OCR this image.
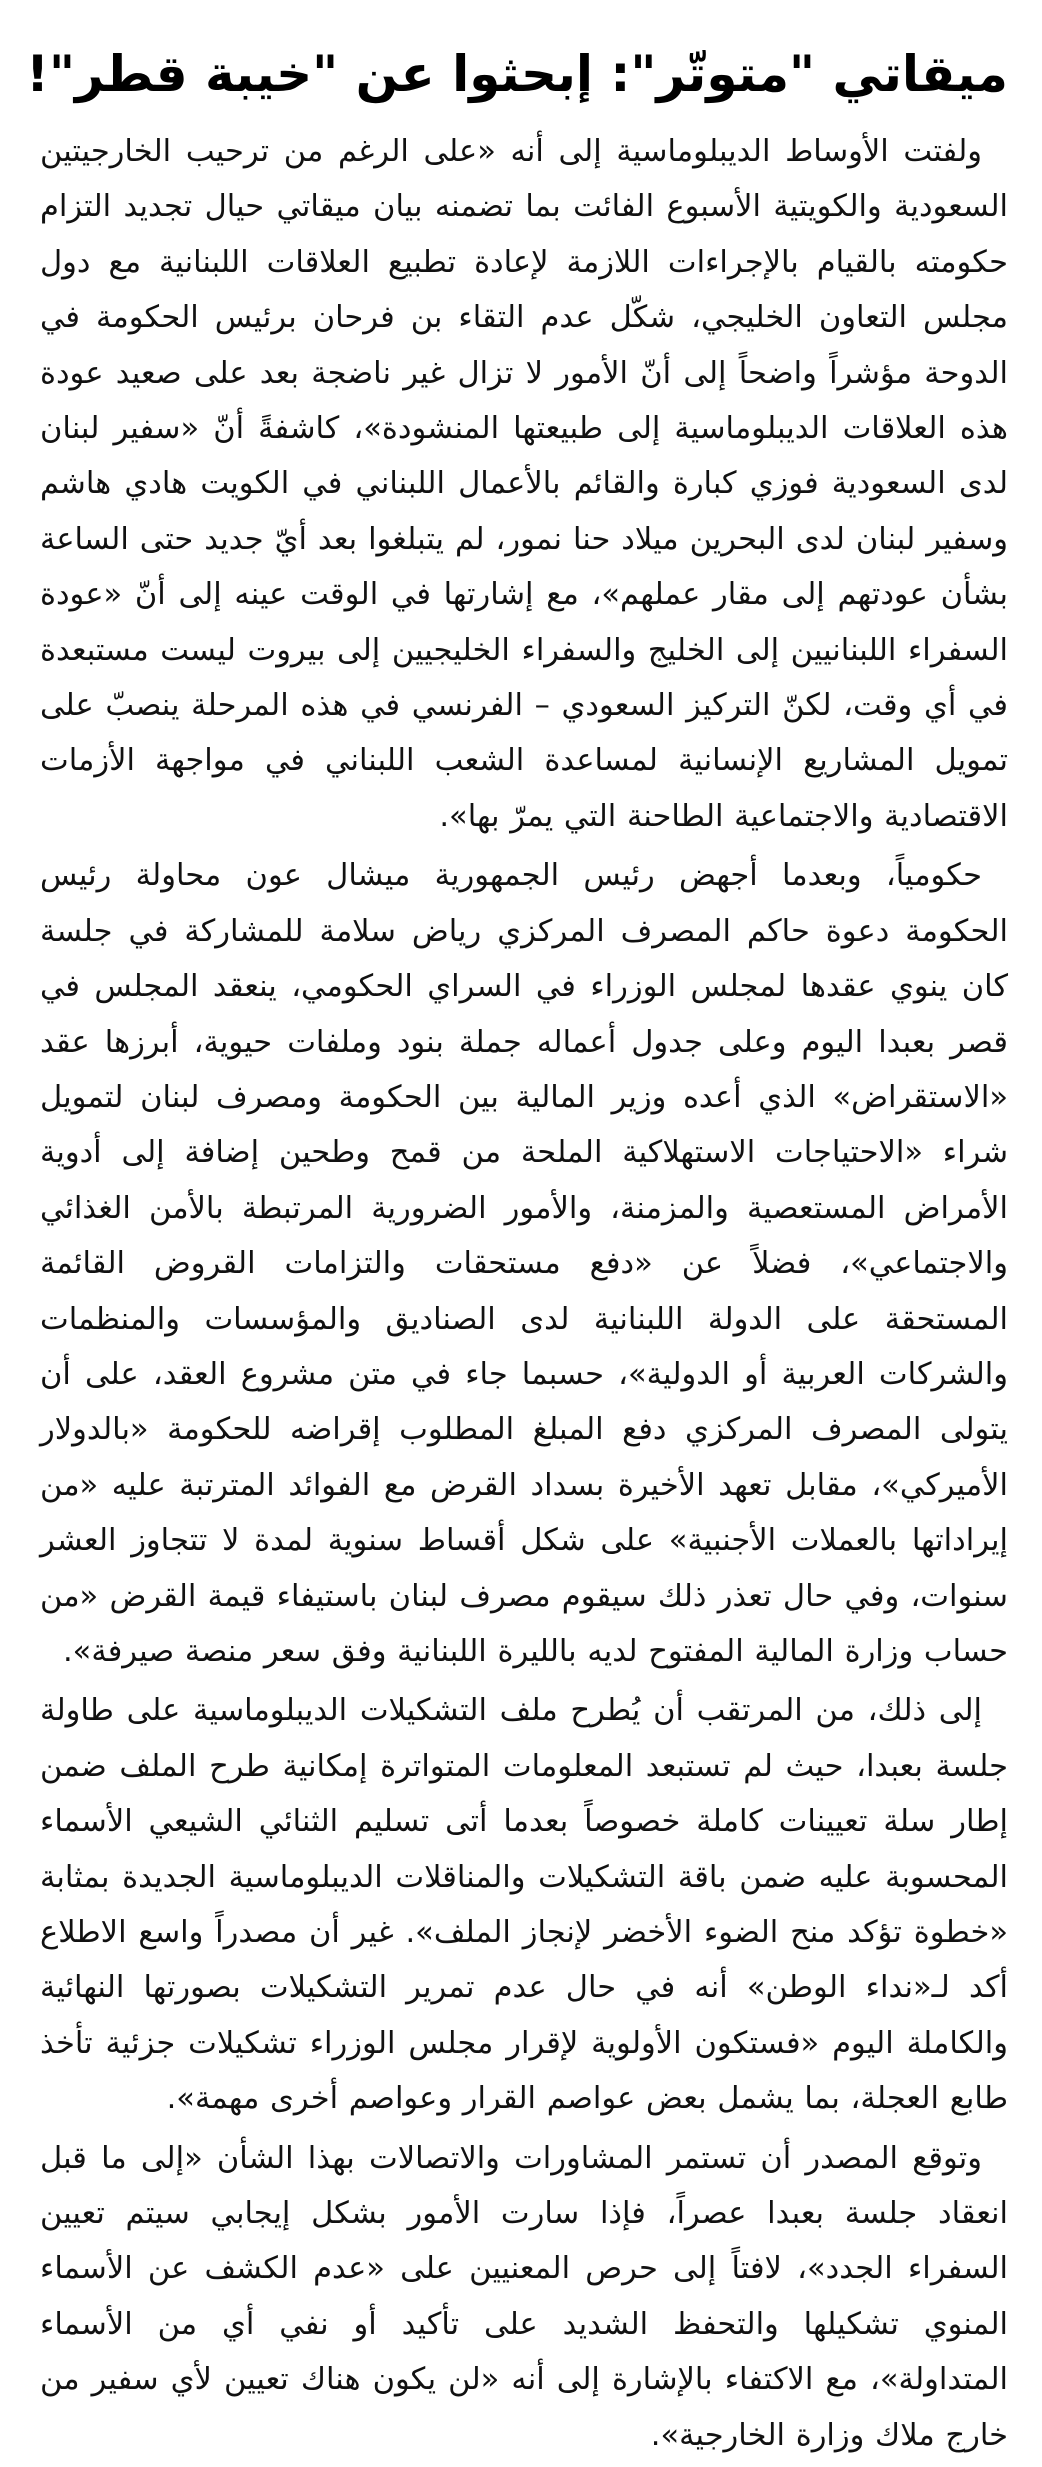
ميقاتي "متوتّر": إبحثوا عن "خيبة قطر"!

ولفتت الأوساط الديبلوماسية إلى أنه «على الرغم من ترحيب الخارجيتين السعودية والكويتية الأسبوع الفائت بما تضمنه بيان ميقاتي حيال تجديد التزام حكومته بالقيام بالإجراءات اللازمة لإعادة تطبيع العلاقات اللبنانية مع دول مجلس التعاون الخليجي، شكّل عدم التقاء بن فرحان برئيس الحكومة في الدوحة مؤشراً واضحاً إلى أنّ الأمور لا تزال غير ناضجة بعد على صعيد عودة هذه العلاقات الديبلوماسية إلى طبيعتها المنشودة»، كاشفةً أنّ «سفير لبنان لدى السعودية فوزي كبارة والقائم بالأعمال اللبناني في الكويت هادي هاشم وسفير لبنان لدى البحرين ميلاد حنا نمور، لم يتبلغوا بعد أيّ جديد حتى الساعة بشأن عودتهم إلى مقار عملهم»، مع إشارتها في الوقت عينه إلى أنّ «عودة السفراء اللبنانيين إلى الخليج والسفراء الخليجيين إلى بيروت ليست مستبعدة في أي وقت، لكنّ التركيز السعودي – الفرنسي في هذه المرحلة ينصبّ على تمويل المشاريع الإنسانية لمساعدة الشعب اللبناني في مواجهة الأزمات الاقتصادية والاجتماعية الطاحنة التي يمرّ بها».

حكومياً، وبعدما أجهض رئيس الجمهورية ميشال عون محاولة رئيس الحكومة دعوة حاكم المصرف المركزي رياض سلامة للمشاركة في جلسة كان ينوي عقدها لمجلس الوزراء في السراي الحكومي، ينعقد المجلس في قصر بعبدا اليوم وعلى جدول أعماله جملة بنود وملفات حيوية، أبرزها عقد «الاستقراض» الذي أعده وزير المالية بين الحكومة ومصرف لبنان لتمويل شراء «الاحتياجات الاستهلاكية الملحة من قمح وطحين إضافة إلى أدوية الأمراض المستعصية والمزمنة، والأمور الضرورية المرتبطة بالأمن الغذائي والاجتماعي»، فضلاً عن «دفع مستحقات والتزامات القروض القائمة المستحقة على الدولة اللبنانية لدى الصناديق والمؤسسات والمنظمات والشركات العربية أو الدولية»، حسبما جاء في متن مشروع العقد، على أن يتولى المصرف المركزي دفع المبلغ المطلوب إقراضه للحكومة «بالدولار الأميركي»، مقابل تعهد الأخيرة بسداد القرض مع الفوائد المترتبة عليه «من إيراداتها بالعملات الأجنبية» على شكل أقساط سنوية لمدة لا تتجاوز العشر سنوات، وفي حال تعذر ذلك سيقوم مصرف لبنان باستيفاء قيمة القرض «من حساب وزارة المالية المفتوح لديه بالليرة اللبنانية وفق سعر منصة صيرفة».

إلى ذلك، من المرتقب أن يُطرح ملف التشكيلات الديبلوماسية على طاولة جلسة بعبدا، حيث لم تستبعد المعلومات المتواترة إمكانية طرح الملف ضمن إطار سلة تعيينات كاملة خصوصاً بعدما أتى تسليم الثنائي الشيعي الأسماء المحسوبة عليه ضمن باقة التشكيلات والمناقلات الديبلوماسية الجديدة بمثابة «خطوة تؤكد منح الضوء الأخضر لإنجاز الملف». غير أن مصدراً واسع الاطلاع أكد لـ«نداء الوطن» أنه في حال عدم تمرير التشكيلات بصورتها النهائية والكاملة اليوم «فستكون الأولوية لإقرار مجلس الوزراء تشكيلات جزئية تأخذ طابع العجلة، بما يشمل بعض عواصم القرار وعواصم أخرى مهمة».

وتوقع المصدر أن تستمر المشاورات والاتصالات بهذا الشأن «إلى ما قبل انعقاد جلسة بعبدا عصراً، فإذا سارت الأمور بشكل إيجابي سيتم تعيين السفراء الجدد»، لافتاً إلى حرص المعنيين على «عدم الكشف عن الأسماء المنوي تشكيلها والتحفظ الشديد على تأكيد أو نفي أي من الأسماء المتداولة»، مع الاكتفاء بالإشارة إلى أنه «لن يكون هناك تعيين لأي سفير من خارج ملاك وزارة الخارجية».
